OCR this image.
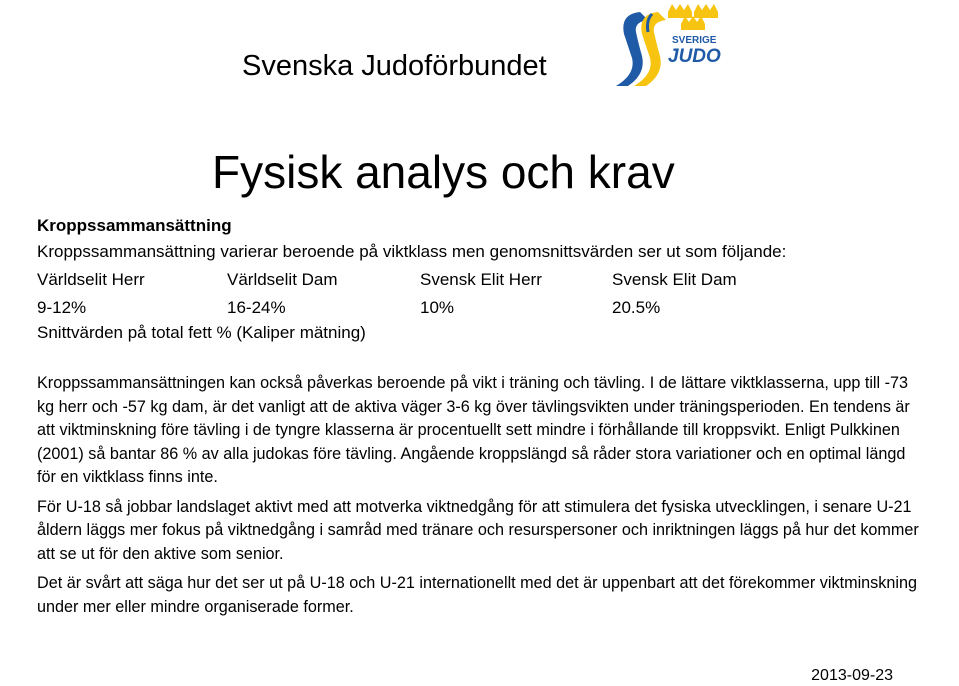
Svenska Judoförbundet
SVERIGE
JUDO
Fysisk analys och krav
Kroppssammansättning
Kroppssammansättning varierar beroende på viktklass men genomsnittsvärden ser ut som följande:
Världselit Herr	Världselit Dam	Svensk Elit Herr	Svensk Elit Dam
9-12%	16-24%	10%	20.5%
Snittvärden på total fett % (Kaliper mätning)

Kroppssammansättningen kan också påverkas beroende på vikt i träning och tävling. I de lättare viktklasserna, upp till -73 kg herr och -57 kg dam, är det vanligt att de aktiva väger 3-6 kg över tävlingsvikten under träningsperioden. En tendens är att viktminskning före tävling i de tyngre klasserna är procentuellt sett mindre i förhållande till kroppsvikt. Enligt Pulkkinen (2001) så bantar 86 % av alla judokas före tävling. Angående kroppslängd så råder stora variationer och en optimal längd för en viktklass finns inte.

För U-18 så jobbar landslaget aktivt med att motverka viktnedgång för att stimulera det fysiska utvecklingen, i senare U-21 åldern läggs mer fokus på viktnedgång i samråd med tränare och resurspersoner och inriktningen läggs på hur det kommer att se ut för den aktive som senior.

Det är svårt att säga hur det ser ut på U-18 och U-21 internationellt med det är uppenbart att det förekommer viktminskning under mer eller mindre organiserade former.

2013-09-23
